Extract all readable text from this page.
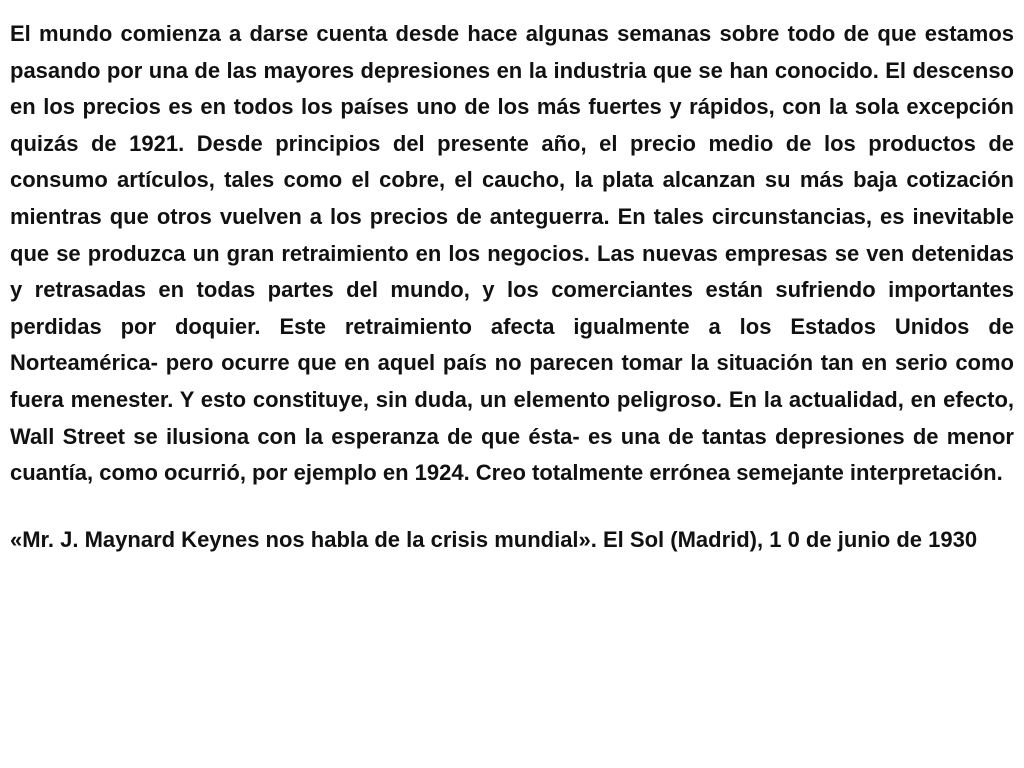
El mundo comienza a darse cuenta desde hace algunas semanas sobre todo de que estamos pasando por una de las mayores depresiones en la industria que se han conocido. El descenso en los precios es en todos los países uno de los más fuertes y rápidos, con la sola excepción quizás de 1921. Desde principios del presente año, el precio medio de los productos de consumo artículos, tales como el cobre, el caucho, la plata alcanzan su más baja cotización mientras que otros vuelven a los precios de anteguerra. En tales circunstancias, es inevitable que se produzca un gran retraimiento en los negocios. Las nuevas empresas se ven detenidas y retrasadas en todas partes del mundo, y los comerciantes están sufriendo importantes perdidas por doquier. Este retraimiento afecta igualmente a los Estados Unidos de Norteamérica- pero ocurre que en aquel país no parecen tomar la situación tan en serio como fuera menester. Y esto constituye, sin duda, un elemento peligroso. En la actualidad, en efecto, Wall Street se ilusiona con la esperanza de que ésta- es una de tantas depresiones de menor cuantía, como ocurrió, por ejemplo en 1924. Creo totalmente errónea semejante interpretación.

«Mr. J. Maynard Keynes nos habla de la crisis mundial». El Sol (Madrid), 1 0 de junio de 1930
